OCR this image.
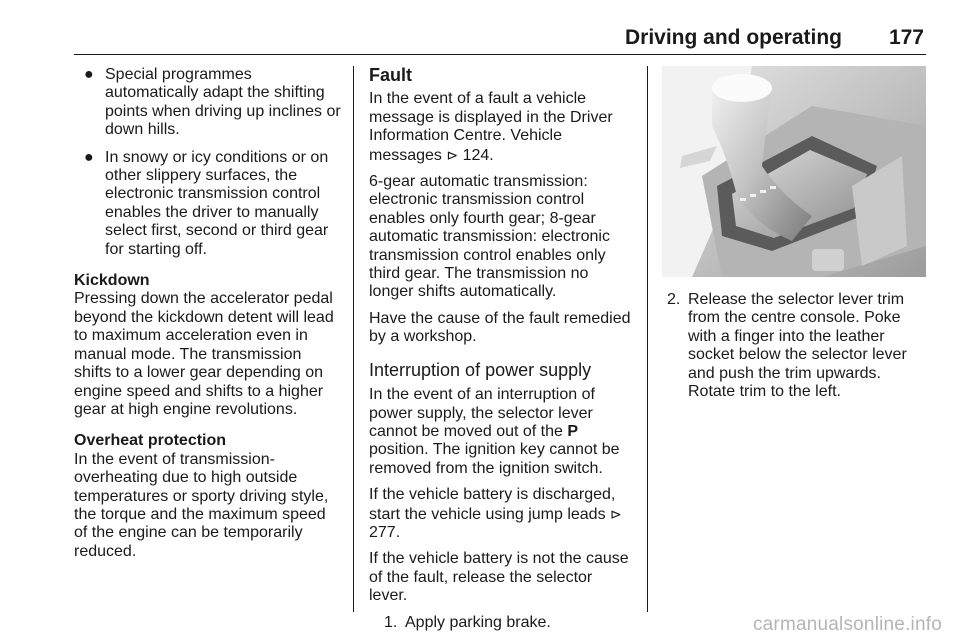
Driving and operating 177
● Special programmes automatically adapt the shifting points when driving up inclines or down hills.
● In snowy or icy conditions or on other slippery surfaces, the electronic transmission control enables the driver to manually select first, second or third gear for starting off.
Kickdown

Pressing down the accelerator pedal beyond the kickdown detent will lead to maximum acceleration even in manual mode. The transmission shifts to a lower gear depending on engine speed and shifts to a higher gear at high engine revolutions.

Overheat protection

In the event of transmission-overheating due to high outside temperatures or sporty driving style, the torque and the maximum speed of the engine can be temporarily reduced.

Fault

In the event of a fault a vehicle message is displayed in the Driver Information Centre. Vehicle messages ⊳ 124.

6-gear automatic transmission: electronic transmission control enables only fourth gear; 8-gear automatic transmission: electronic transmission control enables only third gear. The transmission no longer shifts automatically.

Have the cause of the fault remedied by a workshop.

Interruption of power supply

In the event of an interruption of power supply, the selector lever cannot be moved out of the P position. The ignition key cannot be removed from the ignition switch.

If the vehicle battery is discharged, start the vehicle using jump leads ⊳ 277.

If the vehicle battery is not the cause of the fault, release the selector lever.

1. Apply parking brake.
2. Release the selector lever trim from the centre console. Poke with a finger into the leather socket below the selector lever and push the trim upwards. Rotate trim to the left.
carmanualsonline.info
